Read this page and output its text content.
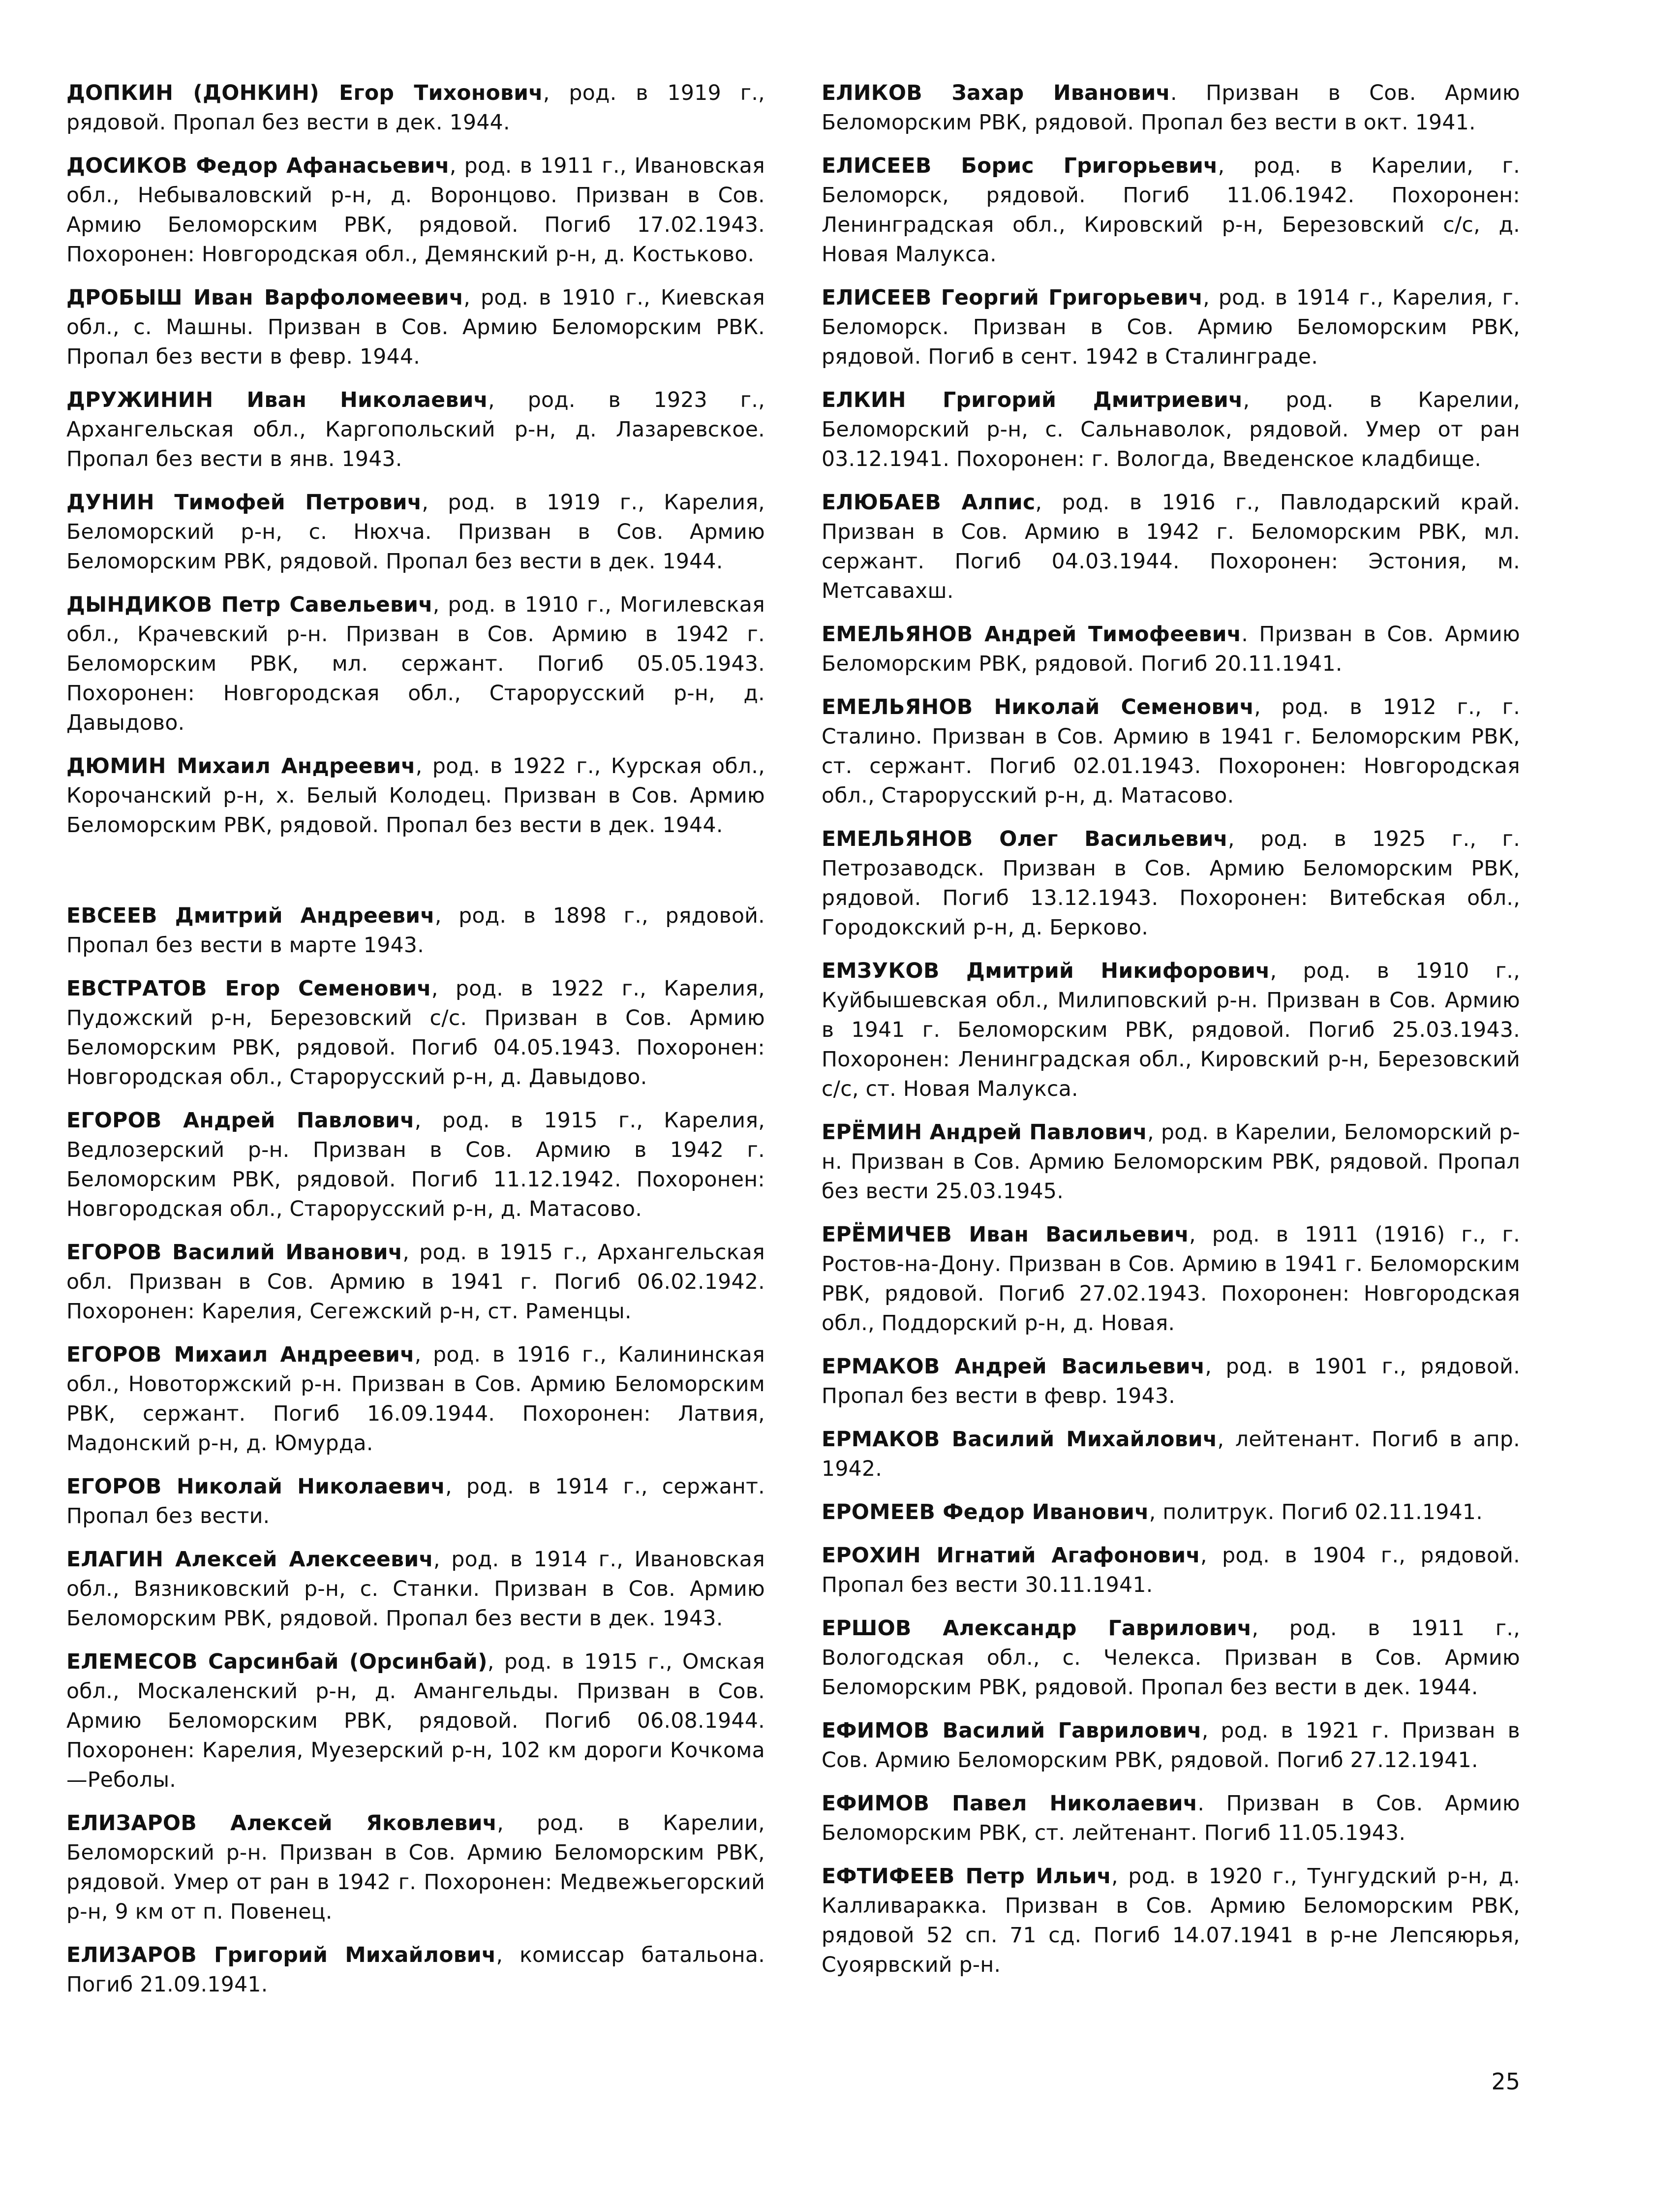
ДОПКИН (ДОНКИН) Егор Тихонович, род. в 1919 г., рядовой. Пропал без вести в дек. 1944.

ДОСИКОВ Федор Афанасьевич, род. в 1911 г., Ивановская обл., Небываловский р-н, д. Воронцово. Призван в Сов. Армию Беломорским РВК, рядовой. Погиб 17.02.1943. Похоронен: Новгородская обл., Демянский р-н, д. Костьково.

ДРОБЫШ Иван Варфоломеевич, род. в 1910 г., Киевская обл., с. Машны. Призван в Сов. Армию Беломорским РВК. Пропал без вести в февр. 1944.

ДРУЖИНИН Иван Николаевич, род. в 1923 г., Архангельская обл., Каргопольский р-н, д. Лазаревское. Пропал без вести в янв. 1943.

ДУНИН Тимофей Петрович, род. в 1919 г., Карелия, Беломорский р-н, с. Нюхча. Призван в Сов. Армию Беломорским РВК, рядовой. Пропал без вести в дек. 1944.

ДЫНДИКОВ Петр Савельевич, род. в 1910 г., Могилевская обл., Крачевский р-н. Призван в Сов. Армию в 1942 г. Беломорским РВК, мл. сержант. Погиб 05.05.1943. Похоронен: Новгородская обл., Старорусский р-н, д. Давыдово.

ДЮМИН Михаил Андреевич, род. в 1922 г., Курская обл., Корочанский р-н, х. Белый Колодец. Призван в Сов. Армию Беломорским РВК, рядовой. Пропал без вести в дек. 1944.

ЕВСЕЕВ Дмитрий Андреевич, род. в 1898 г., рядовой. Пропал без вести в марте 1943.

ЕВСТРАТОВ Егор Семенович, род. в 1922 г., Карелия, Пудожский р-н, Березовский с/с. Призван в Сов. Армию Беломорским РВК, рядовой. Погиб 04.05.1943. Похоронен: Новгородская обл., Старорусский р-н, д. Давыдово.

ЕГОРОВ Андрей Павлович, род. в 1915 г., Карелия, Ведлозерский р-н. Призван в Сов. Армию в 1942 г. Беломорским РВК, рядовой. Погиб 11.12.1942. Похоронен: Новгородская обл., Старорусский р-н, д. Матасово.

ЕГОРОВ Василий Иванович, род. в 1915 г., Архангельская обл. Призван в Сов. Армию в 1941 г. Погиб 06.02.1942. Похоронен: Карелия, Сегежский р-н, ст. Раменцы.

ЕГОРОВ Михаил Андреевич, род. в 1916 г., Калининская обл., Новоторжский р-н. Призван в Сов. Армию Беломорским РВК, сержант. Погиб 16.09.1944. Похоронен: Латвия, Мадонский р-н, д. Юмурда.

ЕГОРОВ Николай Николаевич, род. в 1914 г., сержант. Пропал без вести.

ЕЛАГИН Алексей Алексеевич, род. в 1914 г., Ивановская обл., Вязниковский р-н, с. Станки. Призван в Сов. Армию Беломорским РВК, рядовой. Пропал без вести в дек. 1943.

ЕЛЕМЕСОВ Сарсинбай (Орсинбай), род. в 1915 г., Омская обл., Москаленский р-н, д. Амангельды. Призван в Сов. Армию Беломорским РВК, рядовой. Погиб 06.08.1944. Похоронен: Карелия, Муезерский р-н, 102 км дороги Кочкома—Реболы.

ЕЛИЗАРОВ Алексей Яковлевич, род. в Карелии, Беломорский р-н. Призван в Сов. Армию Беломорским РВК, рядовой. Умер от ран в 1942 г. Похоронен: Медвежьегорский р-н, 9 км от п. Повенец.

ЕЛИЗАРОВ Григорий Михайлович, комиссар батальона. Погиб 21.09.1941.

ЕЛИКОВ Захар Иванович. Призван в Сов. Армию Беломорским РВК, рядовой. Пропал без вести в окт. 1941.

ЕЛИСЕЕВ Борис Григорьевич, род. в Карелии, г. Беломорск, рядовой. Погиб 11.06.1942. Похоронен: Ленинградская обл., Кировский р-н, Березовский с/с, д. Новая Малукса.

ЕЛИСЕЕВ Георгий Григорьевич, род. в 1914 г., Карелия, г. Беломорск. Призван в Сов. Армию Беломорским РВК, рядовой. Погиб в сент. 1942 в Сталинграде.

ЕЛКИН Григорий Дмитриевич, род. в Карелии, Беломорский р-н, с. Сальнаволок, рядовой. Умер от ран 03.12.1941. Похоронен: г. Вологда, Введенское кладбище.

ЕЛЮБАЕВ Алпис, род. в 1916 г., Павлодарский край. Призван в Сов. Армию в 1942 г. Беломорским РВК, мл. сержант. Погиб 04.03.1944. Похоронен: Эстония, м. Метсавахш.

ЕМЕЛЬЯНОВ Андрей Тимофеевич. Призван в Сов. Армию Беломорским РВК, рядовой. Погиб 20.11.1941.

ЕМЕЛЬЯНОВ Николай Семенович, род. в 1912 г., г. Сталино. Призван в Сов. Армию в 1941 г. Беломорским РВК, ст. сержант. Погиб 02.01.1943. Похоронен: Новгородская обл., Старорусский р-н, д. Матасово.

ЕМЕЛЬЯНОВ Олег Васильевич, род. в 1925 г., г. Петрозаводск. Призван в Сов. Армию Беломорским РВК, рядовой. Погиб 13.12.1943. Похоронен: Витебская обл., Городокский р-н, д. Берково.

ЕМЗУКОВ Дмитрий Никифорович, род. в 1910 г., Куйбышевская обл., Милиповский р-н. Призван в Сов. Армию в 1941 г. Беломорским РВК, рядовой. Погиб 25.03.1943. Похоронен: Ленинградская обл., Кировский р-н, Березовский с/с, ст. Новая Малукса.

ЕРЁМИН Андрей Павлович, род. в Карелии, Беломорский р-н. Призван в Сов. Армию Беломорским РВК, рядовой. Пропал без вести 25.03.1945.

ЕРЁМИЧЕВ Иван Васильевич, род. в 1911 (1916) г., г. Ростов-на-Дону. Призван в Сов. Армию в 1941 г. Беломорским РВК, рядовой. Погиб 27.02.1943. Похоронен: Новгородская обл., Поддорский р-н, д. Новая.

ЕРМАКОВ Андрей Васильевич, род. в 1901 г., рядовой. Пропал без вести в февр. 1943.

ЕРМАКОВ Василий Михайлович, лейтенант. Погиб в апр. 1942.

ЕРОМЕЕВ Федор Иванович, политрук. Погиб 02.11.1941.

ЕРОХИН Игнатий Агафонович, род. в 1904 г., рядовой. Пропал без вести 30.11.1941.

ЕРШОВ Александр Гаврилович, род. в 1911 г., Вологодская обл., с. Челекса. Призван в Сов. Армию Беломорским РВК, рядовой. Пропал без вести в дек. 1944.

ЕФИМОВ Василий Гаврилович, род. в 1921 г. Призван в Сов. Армию Беломорским РВК, рядовой. Погиб 27.12.1941.

ЕФИМОВ Павел Николаевич. Призван в Сов. Армию Беломорским РВК, ст. лейтенант. Погиб 11.05.1943.

ЕФТИФЕЕВ Петр Ильич, род. в 1920 г., Тунгудский р-н, д. Калливаракка. Призван в Сов. Армию Беломорским РВК, рядовой 52 сп. 71 сд. Погиб 14.07.1941 в р-не Лепсяюрья, Суоярвский р-н.

25
